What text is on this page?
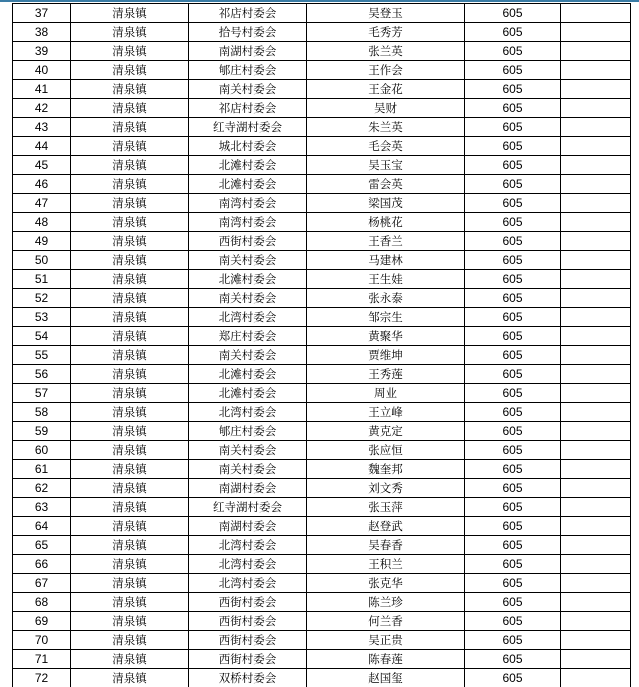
37	清泉镇	祁店村委会	吴登玉	605	
38	清泉镇	拾号村委会	毛秀芳	605	
39	清泉镇	南湖村委会	张兰英	605	
40	清泉镇	郇庄村委会	王作会	605	
41	清泉镇	南关村委会	王金花	605	
42	清泉镇	祁店村委会	吴财	605	
43	清泉镇	红寺湖村委会	朱兰英	605	
44	清泉镇	城北村委会	毛会英	605	
45	清泉镇	北滩村委会	吴玉宝	605	
46	清泉镇	北滩村委会	雷会英	605	
47	清泉镇	南湾村委会	梁国茂	605	
48	清泉镇	南湾村委会	杨桃花	605	
49	清泉镇	西街村委会	王香兰	605	
50	清泉镇	南关村委会	马建林	605	
51	清泉镇	北滩村委会	王生娃	605	
52	清泉镇	南关村委会	张永泰	605	
53	清泉镇	北湾村委会	邹宗生	605	
54	清泉镇	郑庄村委会	黄聚华	605	
55	清泉镇	南关村委会	贾维坤	605	
56	清泉镇	北滩村委会	王秀莲	605	
57	清泉镇	北滩村委会	周业	605	
58	清泉镇	北湾村委会	王立峰	605	
59	清泉镇	郇庄村委会	黄克定	605	
60	清泉镇	南关村委会	张应恒	605	
61	清泉镇	南关村委会	魏奎邦	605	
62	清泉镇	南湖村委会	刘文秀	605	
63	清泉镇	红寺湖村委会	张玉萍	605	
64	清泉镇	南湖村委会	赵登武	605	
65	清泉镇	北湾村委会	吴春香	605	
66	清泉镇	北湾村委会	王积兰	605	
67	清泉镇	北湾村委会	张克华	605	
68	清泉镇	西街村委会	陈兰珍	605	
69	清泉镇	西街村委会	何兰香	605	
70	清泉镇	西街村委会	吴正贵	605	
71	清泉镇	西街村委会	陈春莲	605	
72	清泉镇	双桥村委会	赵国玺	605	
